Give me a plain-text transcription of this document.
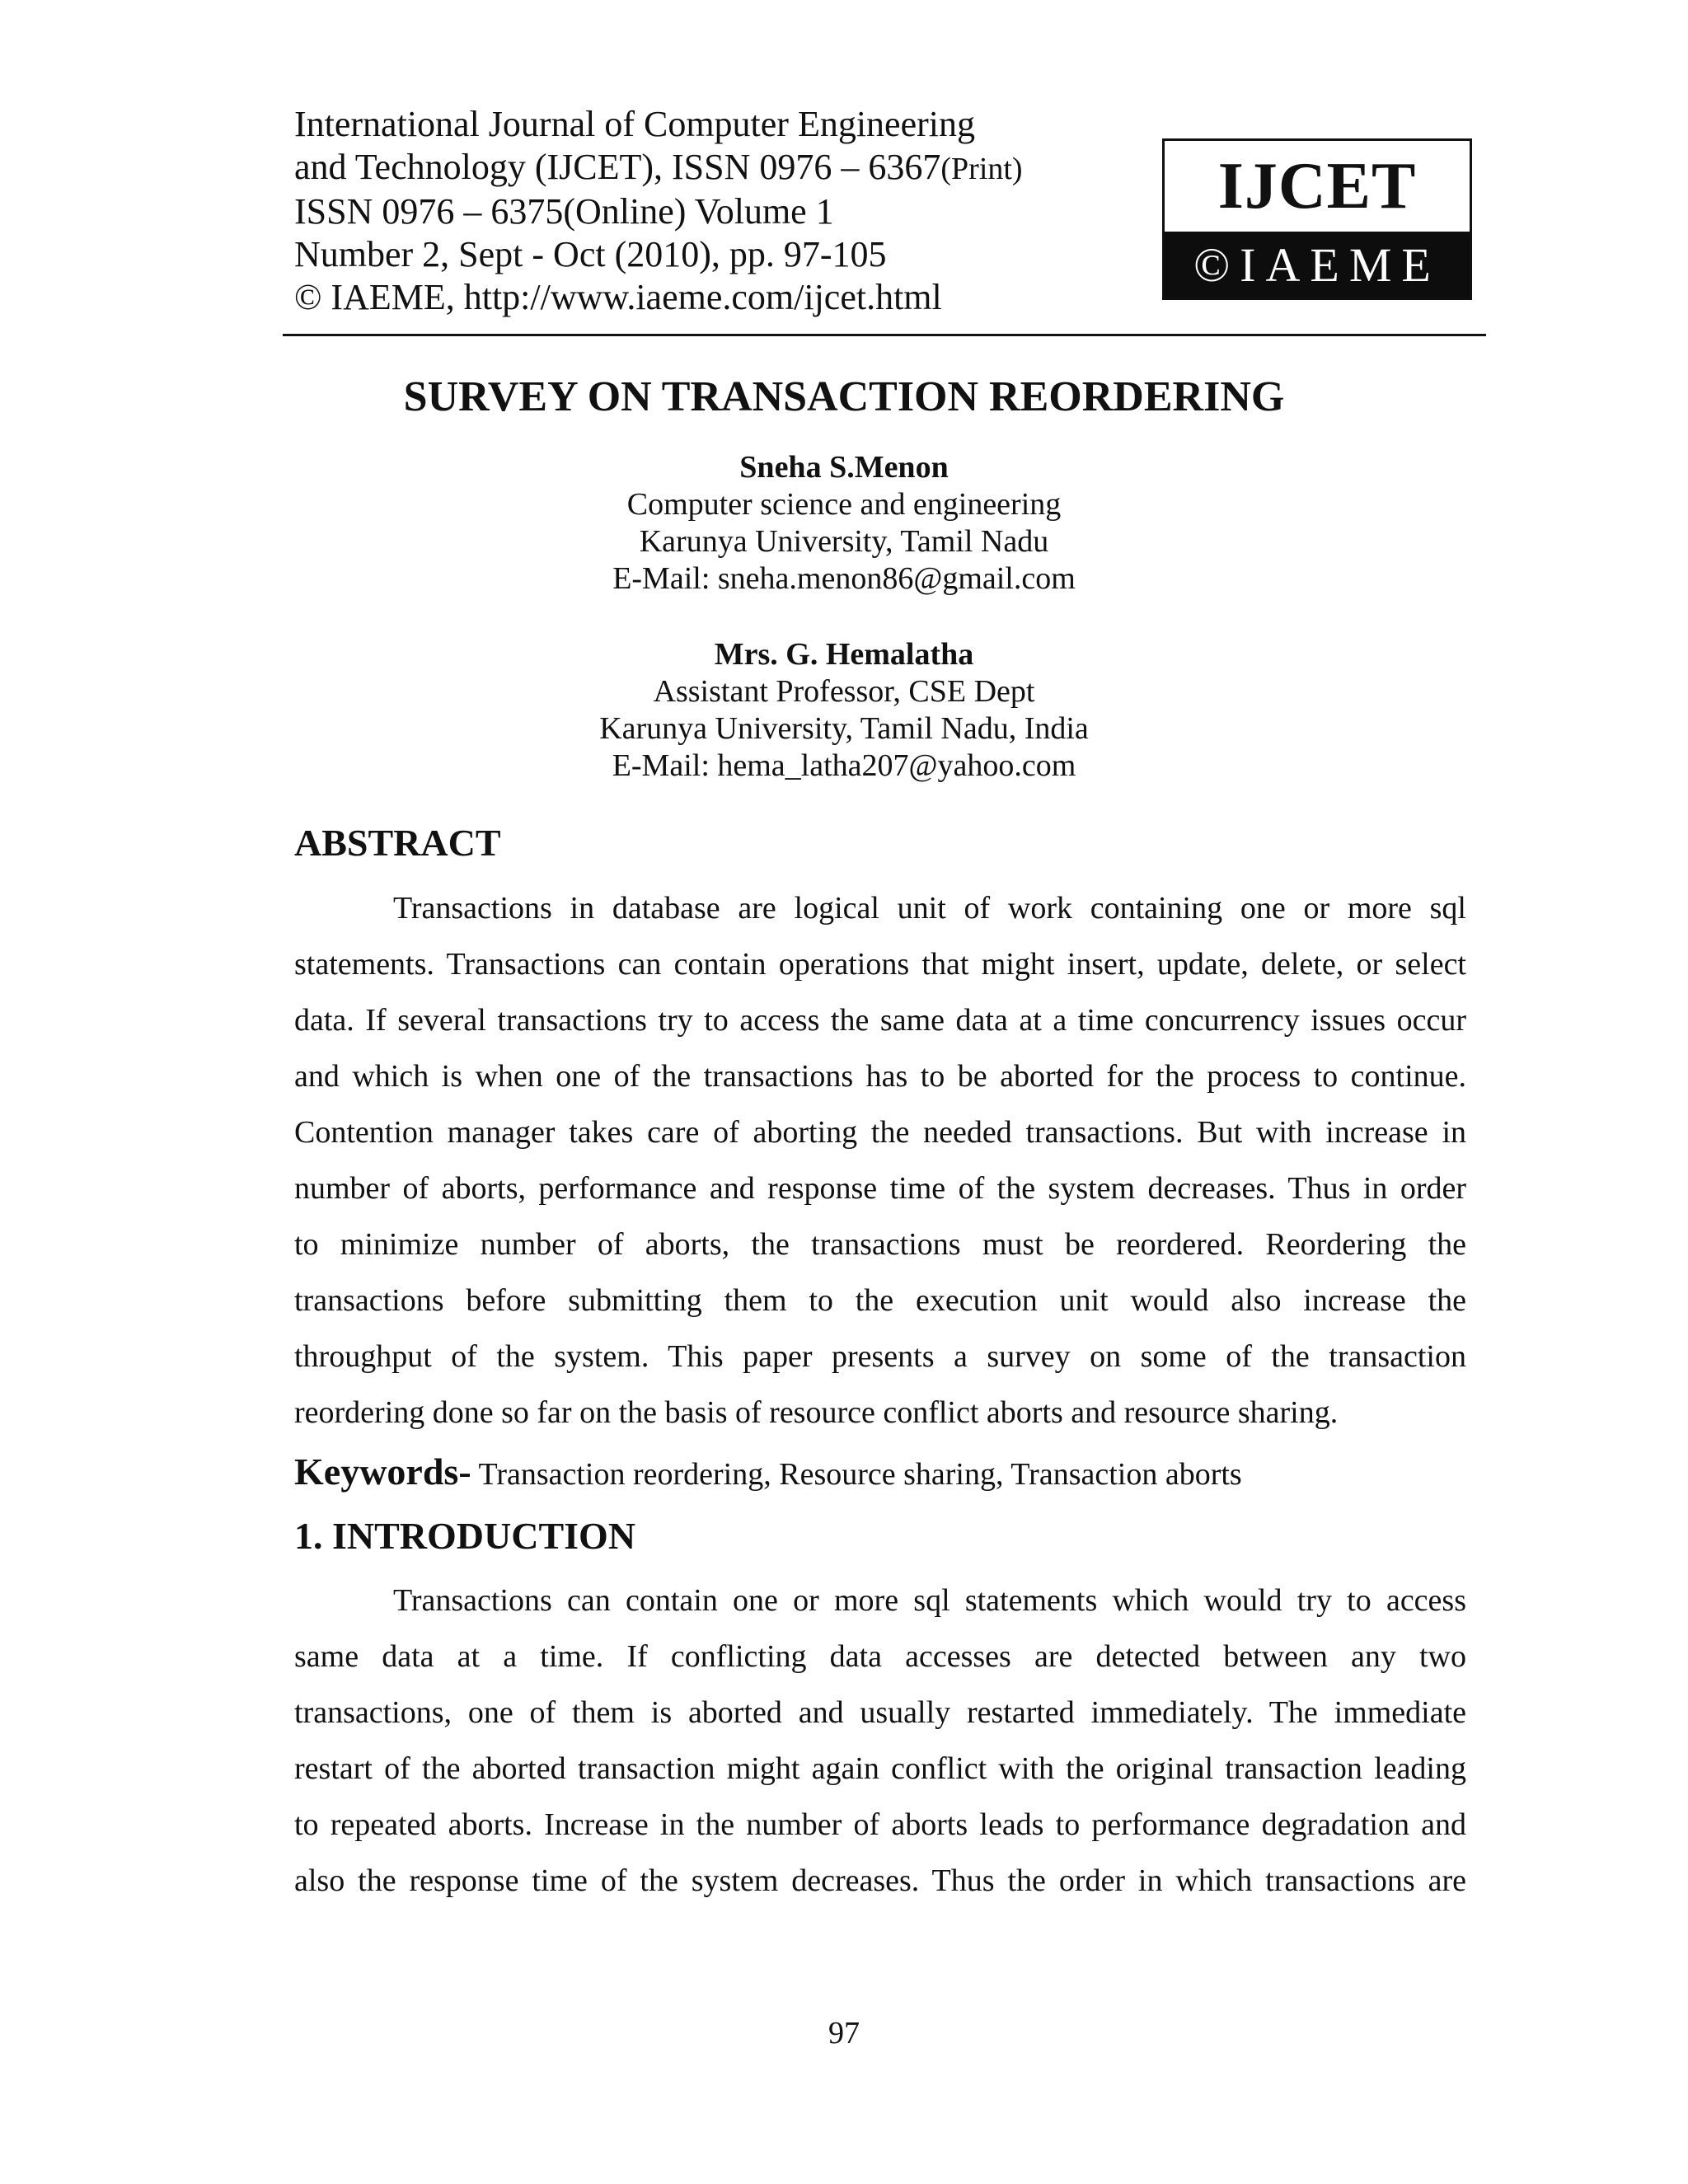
International Journal of Computer Engineering
and Technology (IJCET), ISSN 0976 – 6367(Print)
ISSN 0976 – 6375(Online) Volume 1
Number 2, Sept - Oct (2010), pp. 97-105
© IAEME, http://www.iaeme.com/ijcet.html
IJCET
©IAEME
SURVEY ON TRANSACTION REORDERING
Sneha S.Menon
Computer science and engineering
Karunya University, Tamil Nadu
E-Mail: sneha.menon86@gmail.com
Mrs. G. Hemalatha
Assistant Professor, CSE Dept
Karunya University, Tamil Nadu, India
E-Mail: hema_latha207@yahoo.com
ABSTRACT
Transactions in database are logical unit of work containing one or more sql
statements. Transactions can contain operations that might insert, update, delete, or select
data. If several transactions try to access the same data at a time concurrency issues occur
and which is when one of the transactions has to be aborted for the process to continue.
Contention manager takes care of aborting the needed transactions. But with increase in
number of aborts, performance and response time of the system decreases. Thus in order
to minimize number of aborts, the transactions must be reordered. Reordering the
transactions before submitting them to the execution unit would also increase the
throughput of the system. This paper presents a survey on some of the transaction
reordering done so far on the basis of resource conflict aborts and resource sharing.
Keywords- Transaction reordering, Resource sharing, Transaction aborts
1. INTRODUCTION
Transactions can contain one or more sql statements which would try to access
same data at a time. If conflicting data accesses are detected between any two
transactions, one of them is aborted and usually restarted immediately. The immediate
restart of the aborted transaction might again conflict with the original transaction leading
to repeated aborts. Increase in the number of aborts leads to performance degradation and
also the response time of the system decreases. Thus the order in which transactions are
97
